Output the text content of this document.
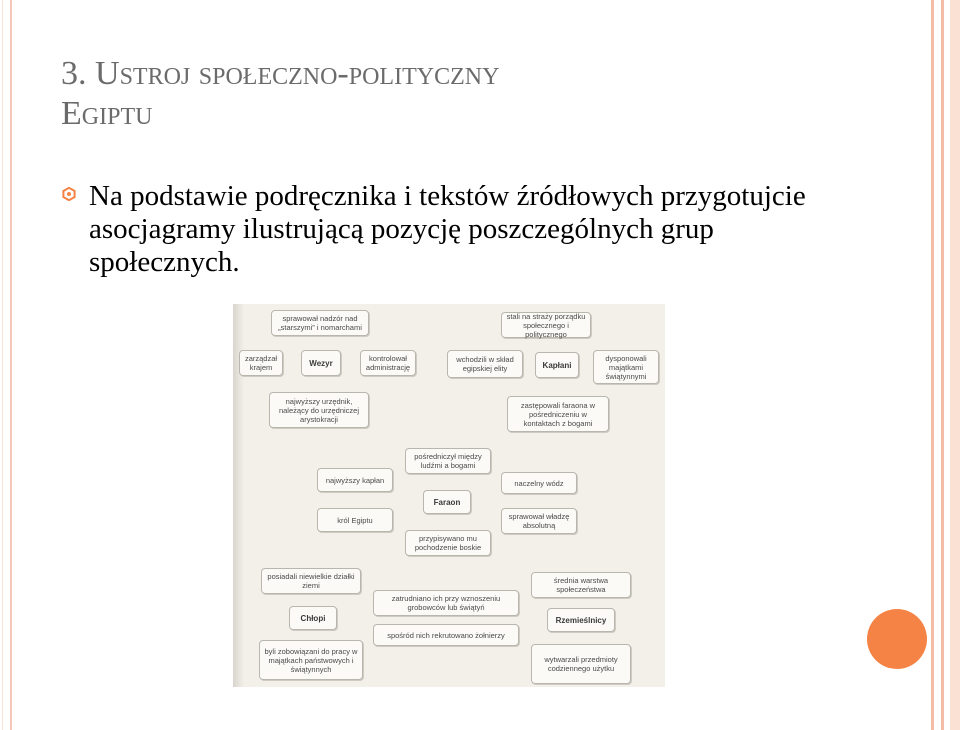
3. Ustroj społeczno-polityczny
Egiptu
Na podstawie podręcznika i tekstów źródłowych przygotujcie asocjagramy ilustrującą pozycję poszczególnych grup społecznych.
sprawował nadzór nad „starszymi” i nomarchami
zarządzał krajem	Wezyr	kontrolował administrację
najwyższy urzędnik, należący do urzędniczej arystokracji
stali na straży porządku społecznego i politycznego
wchodzili w skład egipskiej elity	Kapłani
dysponowali majątkami świątynnymi
zastępowali faraona w pośredniczeniu w kontaktach z bogami
pośredniczył między ludźmi a bogami
najwyższy kapłan
Faraon
naczelny wódz
król Egiptu	sprawował władzę absolutną
przypisywano mu pochodzenie boskie
posiadali niewielkie działki ziemi
Chłopi
byli zobowiązani do pracy w majątkach państwowych i świątynnych
zatrudniano ich przy wznoszeniu grobowców lub świątyń
spośród nich rekrutowano żołnierzy
średnia warstwa społeczeństwa
Rzemieślnicy
wytwarzali przedmioty codziennego użytku
